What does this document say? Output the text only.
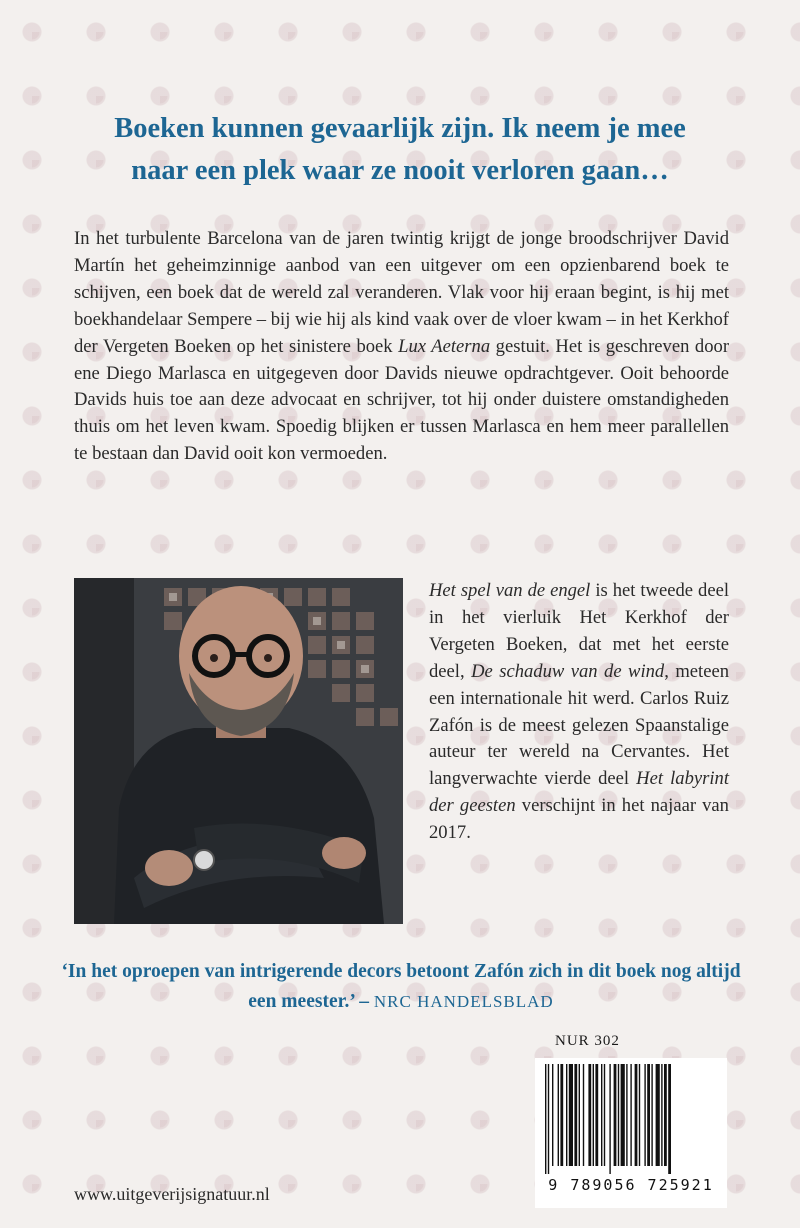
Boeken kunnen gevaarlijk zijn. Ik neem je mee
naar een plek waar ze nooit verloren gaan…
In het turbulente Barcelona van de jaren twintig krijgt de jonge broodschrijver David Martín het geheimzinnige aanbod van een uitgever om een opzienbarend boek te schijven, een boek dat de wereld zal veranderen. Vlak voor hij eraan begint, is hij met boekhandelaar Sempere – bij wie hij als kind vaak over de vloer kwam – in het Kerkhof der Vergeten Boeken op het sinistere boek Lux Aeterna gestuit. Het is geschreven door ene Diego Marlasca en uitgegeven door Davids nieuwe opdrachtgever. Ooit behoorde Davids huis toe aan deze advocaat en schrijver, tot hij onder duistere omstandigheden thuis om het leven kwam. Spoedig blijken er tussen Marlasca en hem meer parallellen te bestaan dan David ooit kon vermoeden.
Het spel van de engel is het tweede deel in het vierluik Het Kerkhof der Vergeten Boeken, dat met het eerste deel, De schaduw van de wind, meteen een internationale hit werd. Carlos Ruiz Zafón is de meest gelezen Spaanstalige auteur ter wereld na Cervantes. Het langverwachte vierde deel Het labyrint der geesten verschijnt in het najaar van 2017.
‘In het oproepen van intrigerende decors betoont Zafón zich in dit boek nog altijd een meester.’ – NRC HANDELSBLAD
NUR 302
9 789056 725921
www.uitgeverijsignatuur.nl
